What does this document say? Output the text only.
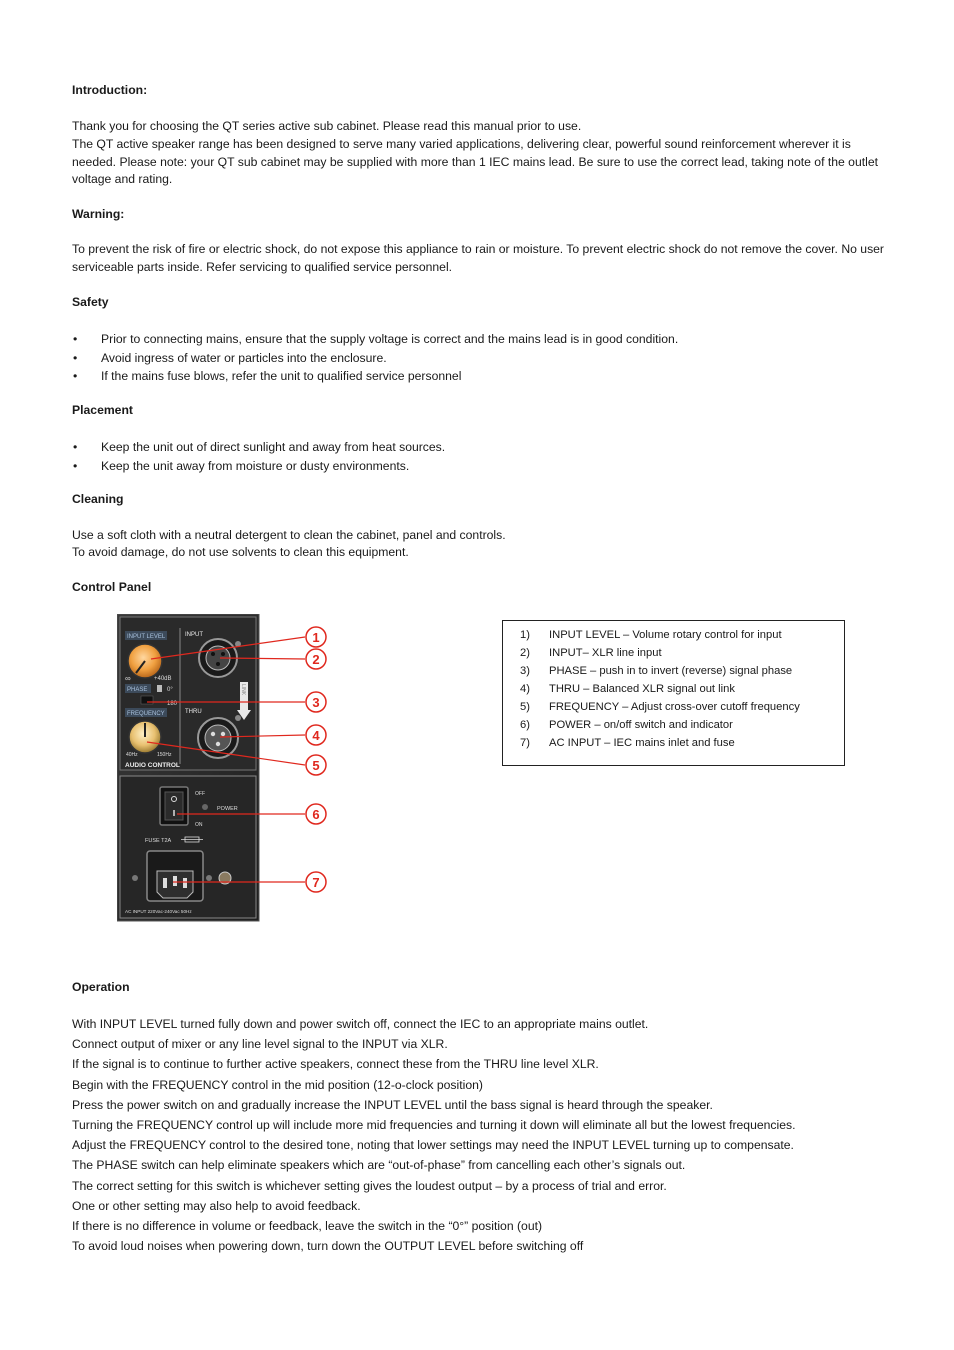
Introduction:
Thank you for choosing the QT series active sub cabinet. Please read this manual prior to use.
The QT active speaker range has been designed to serve many varied applications, delivering clear, powerful sound reinforcement wherever it is needed. Please note: your QT sub cabinet may be supplied with more than 1 IEC mains lead. Be sure to use the correct lead, taking note of the outlet voltage and rating.
Warning:
To prevent the risk of fire or electric shock, do not expose this appliance to rain or moisture. To prevent electric shock do not remove the cover. No user serviceable parts inside. Refer servicing to qualified service personnel.
Safety
• Prior to connecting mains, ensure that the supply voltage is correct and the mains lead is in good condition.
• Avoid ingress of water or particles into the enclosure.
• If the mains fuse blows, refer the unit to qualified service personnel
Placement
• Keep the unit out of direct sunlight and away from heat sources.
• Keep the unit away from moisture or dusty environments.
Cleaning
Use a soft cloth with a neutral detergent to clean the cabinet, panel and controls.
To avoid damage, do not use solvents to clean this equipment.
Control Panel
Operation
With INPUT LEVEL turned fully down and power switch off, connect the IEC to an appropriate mains outlet.
Connect output of mixer or any line level signal to the INPUT via XLR.
If the signal is to continue to further active speakers, connect these from the THRU line level XLR.
Begin with the FREQUENCY control in the mid position (12-o-clock position)
Press the power switch on and gradually increase the INPUT LEVEL until the bass signal is heard through the speaker.
Turning the FREQUENCY control up will include more mid frequencies and turning it down will eliminate all but the lowest frequencies.
Adjust the FREQUENCY control to the desired tone, noting that lower settings may need the INPUT LEVEL turning up to compensate.
The PHASE switch can help eliminate speakers which are “out-of-phase” from cancelling each other’s signals out.
The correct setting for this switch is whichever setting gives the loudest output – by a process of trial and error.
One or other setting may also help to avoid feedback.
If there is no difference in volume or feedback, leave the switch in the “0°” position (out)
To avoid loud noises when powering down, turn down the OUTPUT LEVEL before switching off
INPUT LEVEL
∞	+40dB
PHASE	0°
180
FREQUENCY
40Hz	150Hz
AUDIO CONTROL
INPUT
LINK
THRU
OFF
POWER
ON
FUSE T2A
AC INPUT 220Vac-240Vac 50Hz
1
2
3
4
5
6
7
1) INPUT LEVEL – Volume rotary control for input
2) INPUT– XLR line input
3) PHASE – push in to invert (reverse) signal phase
4) THRU – Balanced XLR signal out link
5) FREQUENCY – Adjust cross-over cutoff frequency
6) POWER – on/off switch and indicator
7) AC INPUT – IEC mains inlet and fuse
